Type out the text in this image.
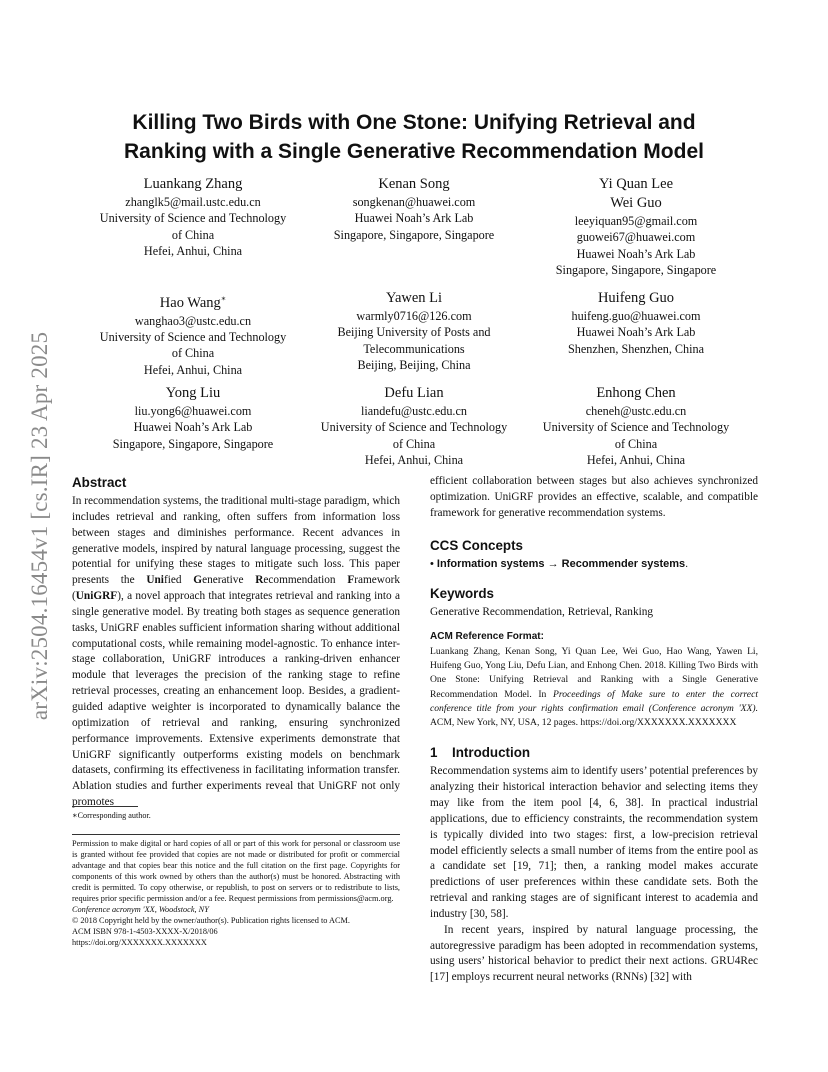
arXiv:2504.16454v1 [cs.IR] 23 Apr 2025
Killing Two Birds with One Stone: Unifying Retrieval and
Ranking with a Single Generative Recommendation Model
Luankang Zhang
zhanglk5@mail.ustc.edu.cn
University of Science and Technology
of China
Hefei, Anhui, China
Kenan Song
songkenan@huawei.com
Huawei Noah’s Ark Lab
Singapore, Singapore, Singapore
Yi Quan Lee
Wei Guo
leeyiquan95@gmail.com
guowei67@huawei.com
Huawei Noah’s Ark Lab
Singapore, Singapore, Singapore
Hao Wang∗
wanghao3@ustc.edu.cn
University of Science and Technology
of China
Hefei, Anhui, China
Yawen Li
warmly0716@126.com
Beijing University of Posts and
Telecommunications
Beijing, Beijing, China
Huifeng Guo
huifeng.guo@huawei.com
Huawei Noah’s Ark Lab
Shenzhen, Shenzhen, China
Yong Liu
liu.yong6@huawei.com
Huawei Noah’s Ark Lab
Singapore, Singapore, Singapore
Defu Lian
liandefu@ustc.edu.cn
University of Science and Technology
of China
Hefei, Anhui, China
Enhong Chen
cheneh@ustc.edu.cn
University of Science and Technology
of China
Hefei, Anhui, China
Abstract

In recommendation systems, the traditional multi-stage paradigm, which includes retrieval and ranking, often suffers from information loss between stages and diminishes performance. Recent advances in generative models, inspired by natural language processing, suggest the potential for unifying these stages to mitigate such loss. This paper presents the Unified Generative Recommendation Framework (UniGRF), a novel approach that integrates retrieval and ranking into a single generative model. By treating both stages as sequence generation tasks, UniGRF enables sufficient information sharing without additional computational costs, while remaining model-agnostic. To enhance inter-stage collaboration, UniGRF introduces a ranking-driven enhancer module that leverages the precision of the ranking stage to refine retrieval processes, creating an enhancement loop. Besides, a gradient-guided adaptive weighter is incorporated to dynamically balance the optimization of retrieval and ranking, ensuring synchronized performance improvements. Extensive experiments demonstrate that UniGRF significantly outperforms existing models on benchmark datasets, confirming its effectiveness in facilitating information transfer. Ablation studies and further experiments reveal that UniGRF not only promotes

∗Corresponding author.

Permission to make digital or hard copies of all or part of this work for personal or classroom use is granted without fee provided that copies are not made or distributed for profit or commercial advantage and that copies bear this notice and the full citation on the first page. Copyrights for components of this work owned by others than the author(s) must be honored. Abstracting with credit is permitted. To copy otherwise, or republish, to post on servers or to redistribute to lists, requires prior specific permission and/or a fee. Request permissions from permissions@acm.org.

Conference acronym 'XX, Woodstock, NY

© 2018 Copyright held by the owner/author(s). Publication rights licensed to ACM.

ACM ISBN 978-1-4503-XXXX-X/2018/06

https://doi.org/XXXXXXX.XXXXXXX

efficient collaboration between stages but also achieves synchronized optimization. UniGRF provides an effective, scalable, and compatible framework for generative recommendation systems.

CCS Concepts

• Information systems → Recommender systems.

Keywords

Generative Recommendation, Retrieval, Ranking

ACM Reference Format:

Luankang Zhang, Kenan Song, Yi Quan Lee, Wei Guo, Hao Wang, Yawen Li, Huifeng Guo, Yong Liu, Defu Lian, and Enhong Chen. 2018. Killing Two Birds with One Stone: Unifying Retrieval and Ranking with a Single Generative Recommendation Model. In Proceedings of Make sure to enter the correct conference title from your rights confirmation email (Conference acronym 'XX). ACM, New York, NY, USA, 12 pages. https://doi.org/XXXXXXX.XXXXXXX

1 Introduction

Recommendation systems aim to identify users’ potential preferences by analyzing their historical interaction behavior and selecting items they may like from the item pool [4, 6, 38]. In practical industrial applications, due to efficiency constraints, the recommendation system is typically divided into two stages: first, a low-precision retrieval model efficiently selects a small number of items from the entire pool as a candidate set [19, 71]; then, a ranking model makes accurate predictions of user preferences within these candidate sets. Both the retrieval and ranking stages are of significant interest to academia and industry [30, 58].

In recent years, inspired by natural language processing, the autoregressive paradigm has been adopted in recommendation systems, using users’ historical behavior to predict their next actions. GRU4Rec [17] employs recurrent neural networks (RNNs) [32] with
